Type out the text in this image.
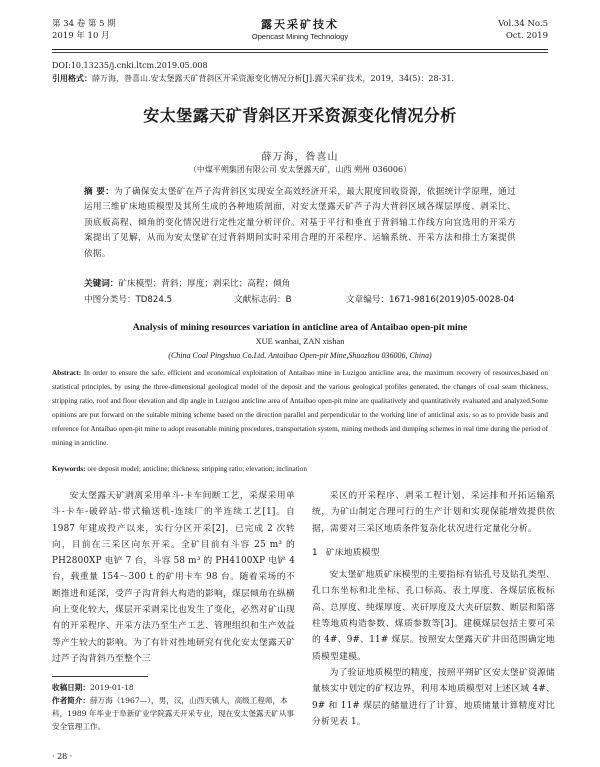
第 34 卷 第 5 期
2019 年 10 月
露天采矿技术
Opencast Mining Technology
Vol.34 No.5
Oct. 2019
DOI:10.13235/j.cnki.ltcm.2019.05.008
引用格式：薛万海，昝喜山.安太堡露天矿背斜区开采资源变化情况分析[J].露天采矿技术，2019，34(5)：28-31.
安太堡露天矿背斜区开采资源变化情况分析
薛万海，昝喜山
（中煤平朔集团有限公司 安太堡露天矿，山西 朔州 036006）
摘 要：为了确保安太堡矿在芦子沟背斜区实现安全高效经济开采，最大限度回收资源，依据统计学原理，通过运用三维矿床地质模型及其所生成的各种地质剖面，对安太堡露天矿芦子沟大背斜区域各煤层厚度、剥采比、顶底板高程、倾角的变化情况进行定性定量分析评价。对基于平行和垂直于背斜轴工作线方向宜选用的开采方案提出了见解，从而为安太堡矿在过背斜期间实时采用合理的开采程序、运输系统、开采方法和排土方案提供依据。
关键词：矿床模型；背斜；厚度；剥采比；高程；倾角
中图分类号：TD824.5	文献标志码：B	文章编号：1671-9816(2019)05-0028-04
Analysis of mining resources variation in anticline area of Antaibao open-pit mine
XUE wanhai, ZAN xishan
(China Coal Pingshuo Co.Ltd. Antaibao Open-pit Mine,Shuozhou 036006, China)
Abstract: In order to ensure the safe, efficient and economical exploitation of Antaibao mine in Luzigou anticline area, the maximum recovery of resources,based on statistical principles, by using the three-dimensional geological model of the deposit and the various geological profiles generated, the changes of coal seam thickness, stripping ratio, roof and floor elevation and dip angle in Luzigou anticline area of Antaibao open-pit mine are qualitatively and quantitatively evaluated and analyzed.Some opinions are put forward on the suitable mining scheme based on the direction parallel and perpendicular to the working line of anticlinal axis, so as to provide basis and reference for Antaibao open-pit mine to adopt reasonable mining procedures, transportation system, mining methods and dumping schemes in real time during the period of mining in anticline.
Keywords: ore deposit model; anticline; thickness; stripping ratio; elevation; inclination

安太堡露天矿剥离采用单斗-卡车间断工艺，采煤采用单斗-卡车-破碎站-带式输送机-连续厂的半连续工艺[1]。自 1987 年建成投产以来，实行分区开采[2]，已完成 2 次转向，目前在三采区向东开采。全矿目前有斗容 25 m³ 的 PH2800XP 电铲 7 台，斗容 58 m³ 的 PH4100XP 电铲 4 台，载重量 154～300 t 的矿用卡车 98 台。随着采场的不断推进和延深，受芦子沟背斜大构造的影响，煤层倾角在纵横向上变化较大，煤层开采剥采比也发生了变化，必然对矿山现有的开采程序、开采方法乃至生产工艺、管理组织和生产效益等产生较大的影响。为了有针对性地研究有优化安太堡露天矿过芦子沟背斜乃至整个三

采区的开采程序、剥采工程计划、采运排和开拓运输系统，为矿山制定合理可行的生产计划和实现保能增效提供依据，需要对三采区地质条件复杂化状况进行定量化分析。

1 矿床地质模型

安太堡矿地质矿床模型的主要指标有钻孔号及钻孔类型、孔口东坐标和北坐标、孔口标高、表土厚度、各煤层底板标高、总厚度、纯煤厚度、夹矸厚度及大夹矸层数、断层和陷落柱等地质构造参数、煤质参数等[3]。建模煤层包括主要可采的 4#、9#、11# 煤层。按照安太堡露天矿井田范围确定地质模型建模。

为了验证地质模型的精度，按照平朔矿区安太堡矿资源储量核实中划定的矿权边界，利用本地质模型对上述区域 4#、9# 和 11# 煤层的储量进行了计算，地质储量计算精度对比分析见表 1。

收稿日期：2019-01-18
作者简介：薛万海（1967—），男，汉，山西天镇人，高级工程师，本科，1989 年毕业于阜新矿业学院露天开采专业，现在安太堡露天矿从事安全管理工作。
· 28 ·
